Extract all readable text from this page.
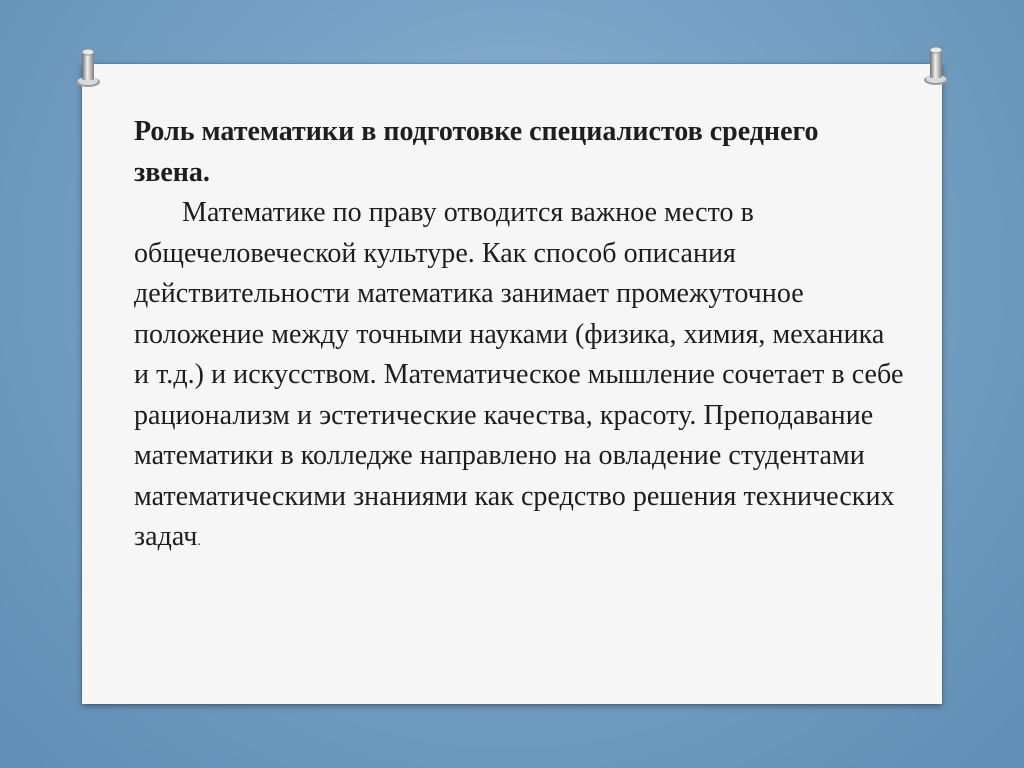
Роль математики в подготовке специалистов среднего звена.

Математике по праву отводится важное место в общечеловеческой культуре. Как способ описания действительности математика занимает промежуточное положение между точными науками (физика, химия, механика и т.д.) и искусством. Математическое мышление сочетает в себе рационализм и эстетические качества, красоту. Преподавание математики в колледже направлено на овладение студентами математическими знаниями как средство решения технических задач.
